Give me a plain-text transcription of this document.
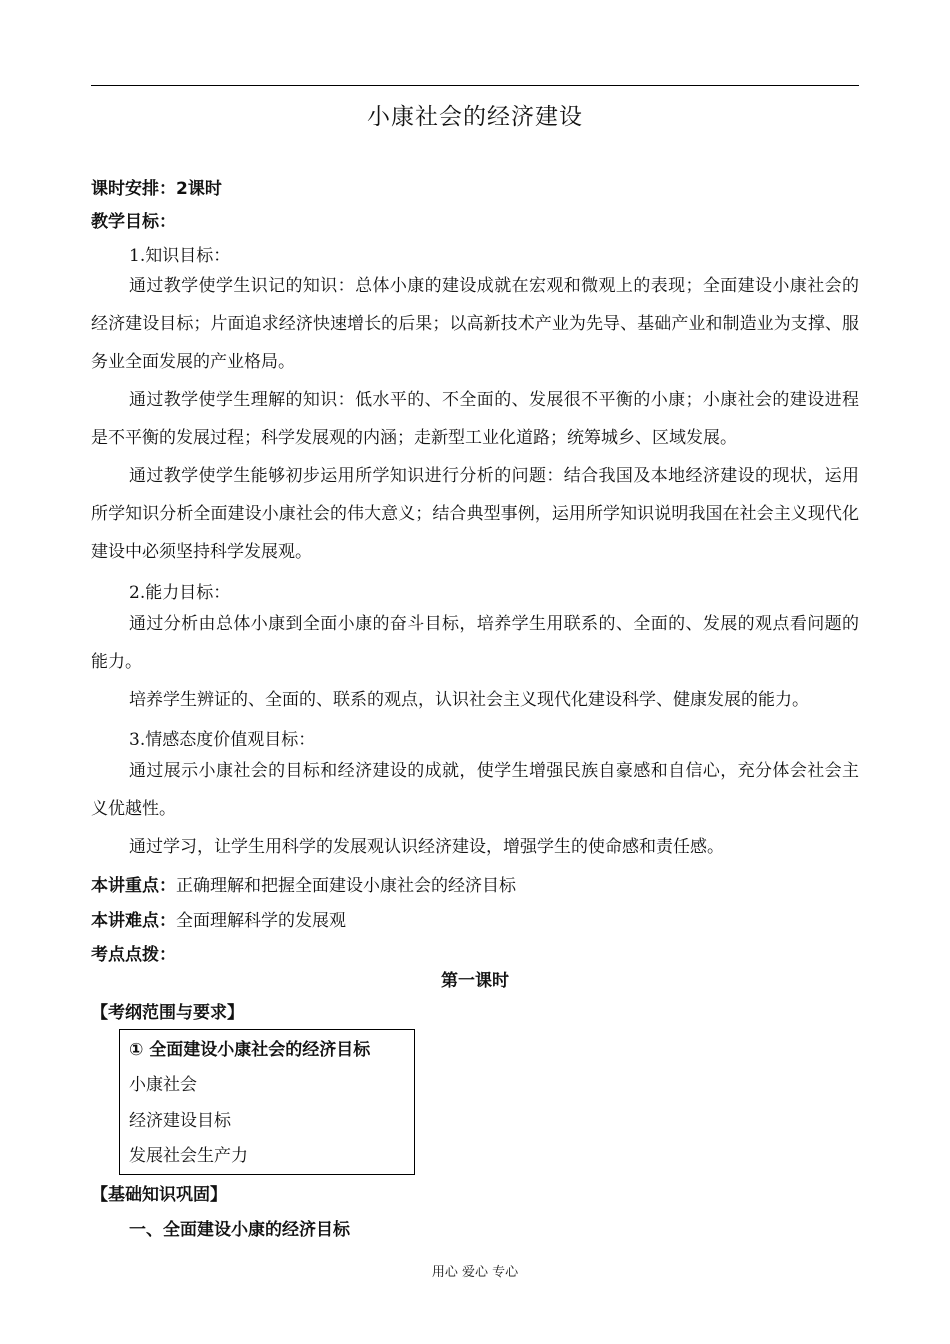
小康社会的经济建设
课时安排：2课时
教学目标：
1.知识目标：
通过教学使学生识记的知识：总体小康的建设成就在宏观和微观上的表现；全面建设小康社会的经济建设目标；片面追求经济快速增长的后果；以高新技术产业为先导、基础产业和制造业为支撑、服务业全面发展的产业格局。
通过教学使学生理解的知识：低水平的、不全面的、发展很不平衡的小康；小康社会的建设进程是不平衡的发展过程；科学发展观的内涵；走新型工业化道路；统筹城乡、区域发展。
通过教学使学生能够初步运用所学知识进行分析的问题：结合我国及本地经济建设的现状，运用所学知识分析全面建设小康社会的伟大意义；结合典型事例，运用所学知识说明我国在社会主义现代化建设中必须坚持科学发展观。
2.能力目标：
通过分析由总体小康到全面小康的奋斗目标，培养学生用联系的、全面的、发展的观点看问题的能力。
培养学生辨证的、全面的、联系的观点，认识社会主义现代化建设科学、健康发展的能力。
3.情感态度价值观目标：
通过展示小康社会的目标和经济建设的成就，使学生增强民族自豪感和自信心，充分体会社会主义优越性。
通过学习，让学生用科学的发展观认识经济建设，增强学生的使命感和责任感。
本讲重点：正确理解和把握全面建设小康社会的经济目标
本讲难点：全面理解科学的发展观
考点点拨：
第一课时
【考纲范围与要求】
① 全面建设小康社会的经济目标
小康社会
经济建设目标
发展社会生产力
【基础知识巩固】
一、全面建设小康的经济目标
用心 爱心 专心
